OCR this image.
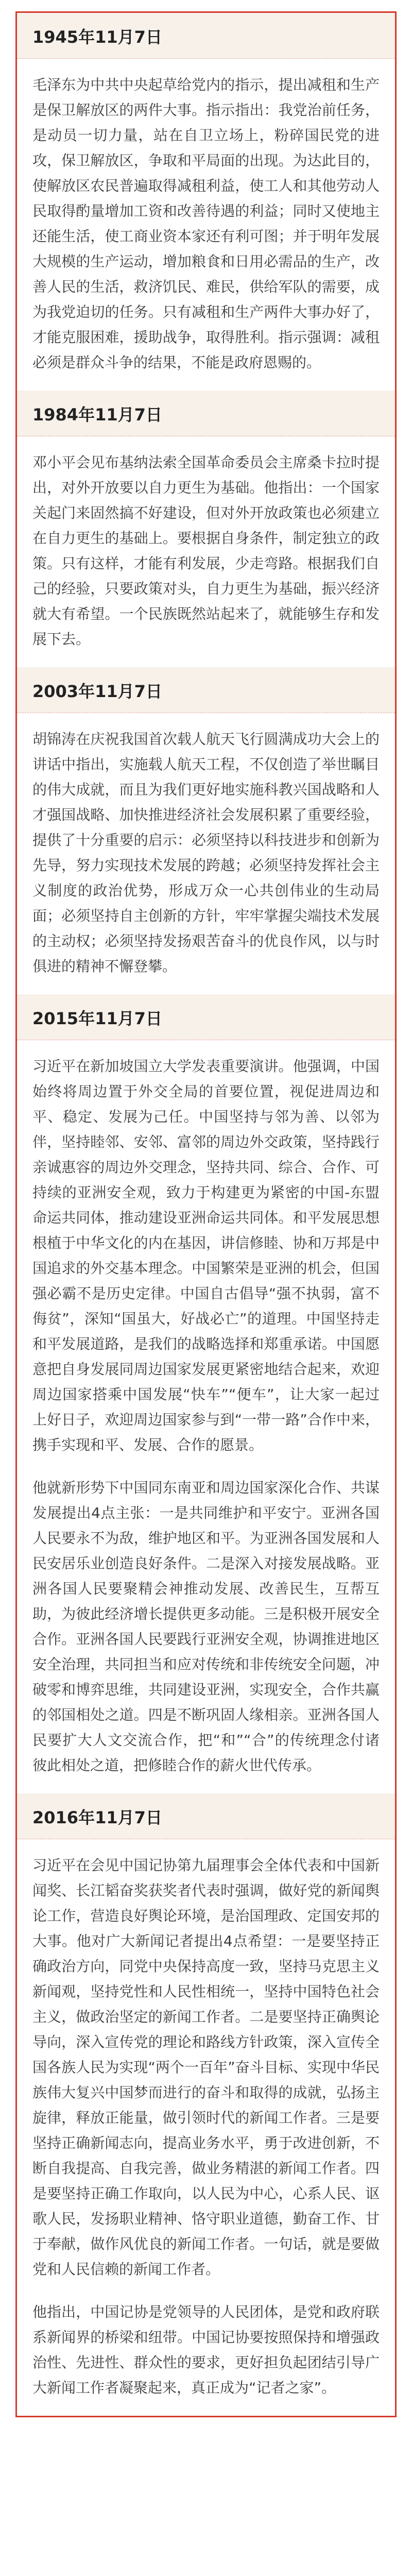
1945年11月7日

毛泽东为中共中央起草给党内的指示，提出减租和生产是保卫解放区的两件大事。指示指出：我党治前任务，是动员一切力量，站在自卫立场上，粉碎国民党的进攻，保卫解放区，争取和平局面的出现。为达此目的，使解放区农民普遍取得减租利益，使工人和其他劳动人民取得酌量增加工资和改善待遇的利益；同时又使地主还能生活，使工商业资本家还有利可图；并于明年发展大规模的生产运动，增加粮食和日用必需品的生产，改善人民的生活，救济饥民、难民，供给军队的需要，成为我党迫切的任务。只有减租和生产两件大事办好了，才能克服困难，援助战争，取得胜利。指示强调：减租必须是群众斗争的结果，不能是政府恩赐的。

1984年11月7日

邓小平会见布基纳法索全国革命委员会主席桑卡拉时提出，对外开放要以自力更生为基础。他指出：一个国家关起门来固然搞不好建设，但对外开放政策也必须建立在自力更生的基础上。要根据自身条件，制定独立的政策。只有这样，才能有利发展，少走弯路。根据我们自己的经验，只要政策对头，自力更生为基础，振兴经济就大有希望。一个民族既然站起来了，就能够生存和发展下去。

2003年11月7日

胡锦涛在庆祝我国首次载人航天飞行圆满成功大会上的讲话中指出，实施载人航天工程，不仅创造了举世瞩目的伟大成就，而且为我们更好地实施科教兴国战略和人才强国战略、加快推进经济社会发展积累了重要经验，提供了十分重要的启示：必须坚持以科技进步和创新为先导，努力实现技术发展的跨越；必须坚持发挥社会主义制度的政治优势，形成万众一心共创伟业的生动局面；必须坚持自主创新的方针，牢牢掌握尖端技术发展的主动权；必须坚持发扬艰苦奋斗的优良作风，以与时俱进的精神不懈登攀。

2015年11月7日

习近平在新加坡国立大学发表重要演讲。他强调，中国始终将周边置于外交全局的首要位置，视促进周边和平、稳定、发展为己任。中国坚持与邻为善、以邻为伴，坚持睦邻、安邻、富邻的周边外交政策，坚持践行亲诚惠容的周边外交理念，坚持共同、综合、合作、可持续的亚洲安全观，致力于构建更为紧密的中国-东盟命运共同体，推动建设亚洲命运共同体。和平发展思想根植于中华文化的内在基因，讲信修睦、协和万邦是中国追求的外交基本理念。中国繁荣是亚洲的机会，但国强必霸不是历史定律。中国自古倡导“强不执弱，富不侮贫”，深知“国虽大，好战必亡”的道理。中国坚持走和平发展道路，是我们的战略选择和郑重承诺。中国愿意把自身发展同周边国家发展更紧密地结合起来，欢迎周边国家搭乘中国发展“快车”“便车”，让大家一起过上好日子，欢迎周边国家参与到“一带一路”合作中来，携手实现和平、发展、合作的愿景。

他就新形势下中国同东南亚和周边国家深化合作、共谋发展提出4点主张：一是共同维护和平安宁。亚洲各国人民要永不为敌，维护地区和平。为亚洲各国发展和人民安居乐业创造良好条件。二是深入对接发展战略。亚洲各国人民要聚精会神推动发展、改善民生，互帮互助，为彼此经济增长提供更多动能。三是积极开展安全合作。亚洲各国人民要践行亚洲安全观，协调推进地区安全治理，共同担当和应对传统和非传统安全问题，冲破零和博弈思维，共同建设亚洲，实现安全，合作共赢的邻国相处之道。四是不断巩固人缘相亲。亚洲各国人民要扩大人文交流合作，把“和”“合”的传统理念付诸彼此相处之道，把修睦合作的薪火世代传承。

2016年11月7日

习近平在会见中国记协第九届理事会全体代表和中国新闻奖、长江韬奋奖获奖者代表时强调，做好党的新闻舆论工作，营造良好舆论环境，是治国理政、定国安邦的大事。他对广大新闻记者提出4点希望：一是要坚持正确政治方向，同党中央保持高度一致，坚持马克思主义新闻观，坚持党性和人民性相统一，坚持中国特色社会主义，做政治坚定的新闻工作者。二是要坚持正确舆论导向，深入宣传党的理论和路线方针政策，深入宣传全国各族人民为实现“两个一百年”奋斗目标、实现中华民族伟大复兴中国梦而进行的奋斗和取得的成就，弘扬主旋律，释放正能量，做引领时代的新闻工作者。三是要坚持正确新闻志向，提高业务水平，勇于改进创新，不断自我提高、自我完善，做业务精湛的新闻工作者。四是要坚持正确工作取向，以人民为中心，心系人民、讴歌人民，发扬职业精神、恪守职业道德，勤奋工作、甘于奉献，做作风优良的新闻工作者。一句话，就是要做党和人民信赖的新闻工作者。

他指出，中国记协是党领导的人民团体，是党和政府联系新闻界的桥梁和纽带。中国记协要按照保持和增强政治性、先进性、群众性的要求，更好担负起团结引导广大新闻工作者凝聚起来，真正成为“记者之家”。
